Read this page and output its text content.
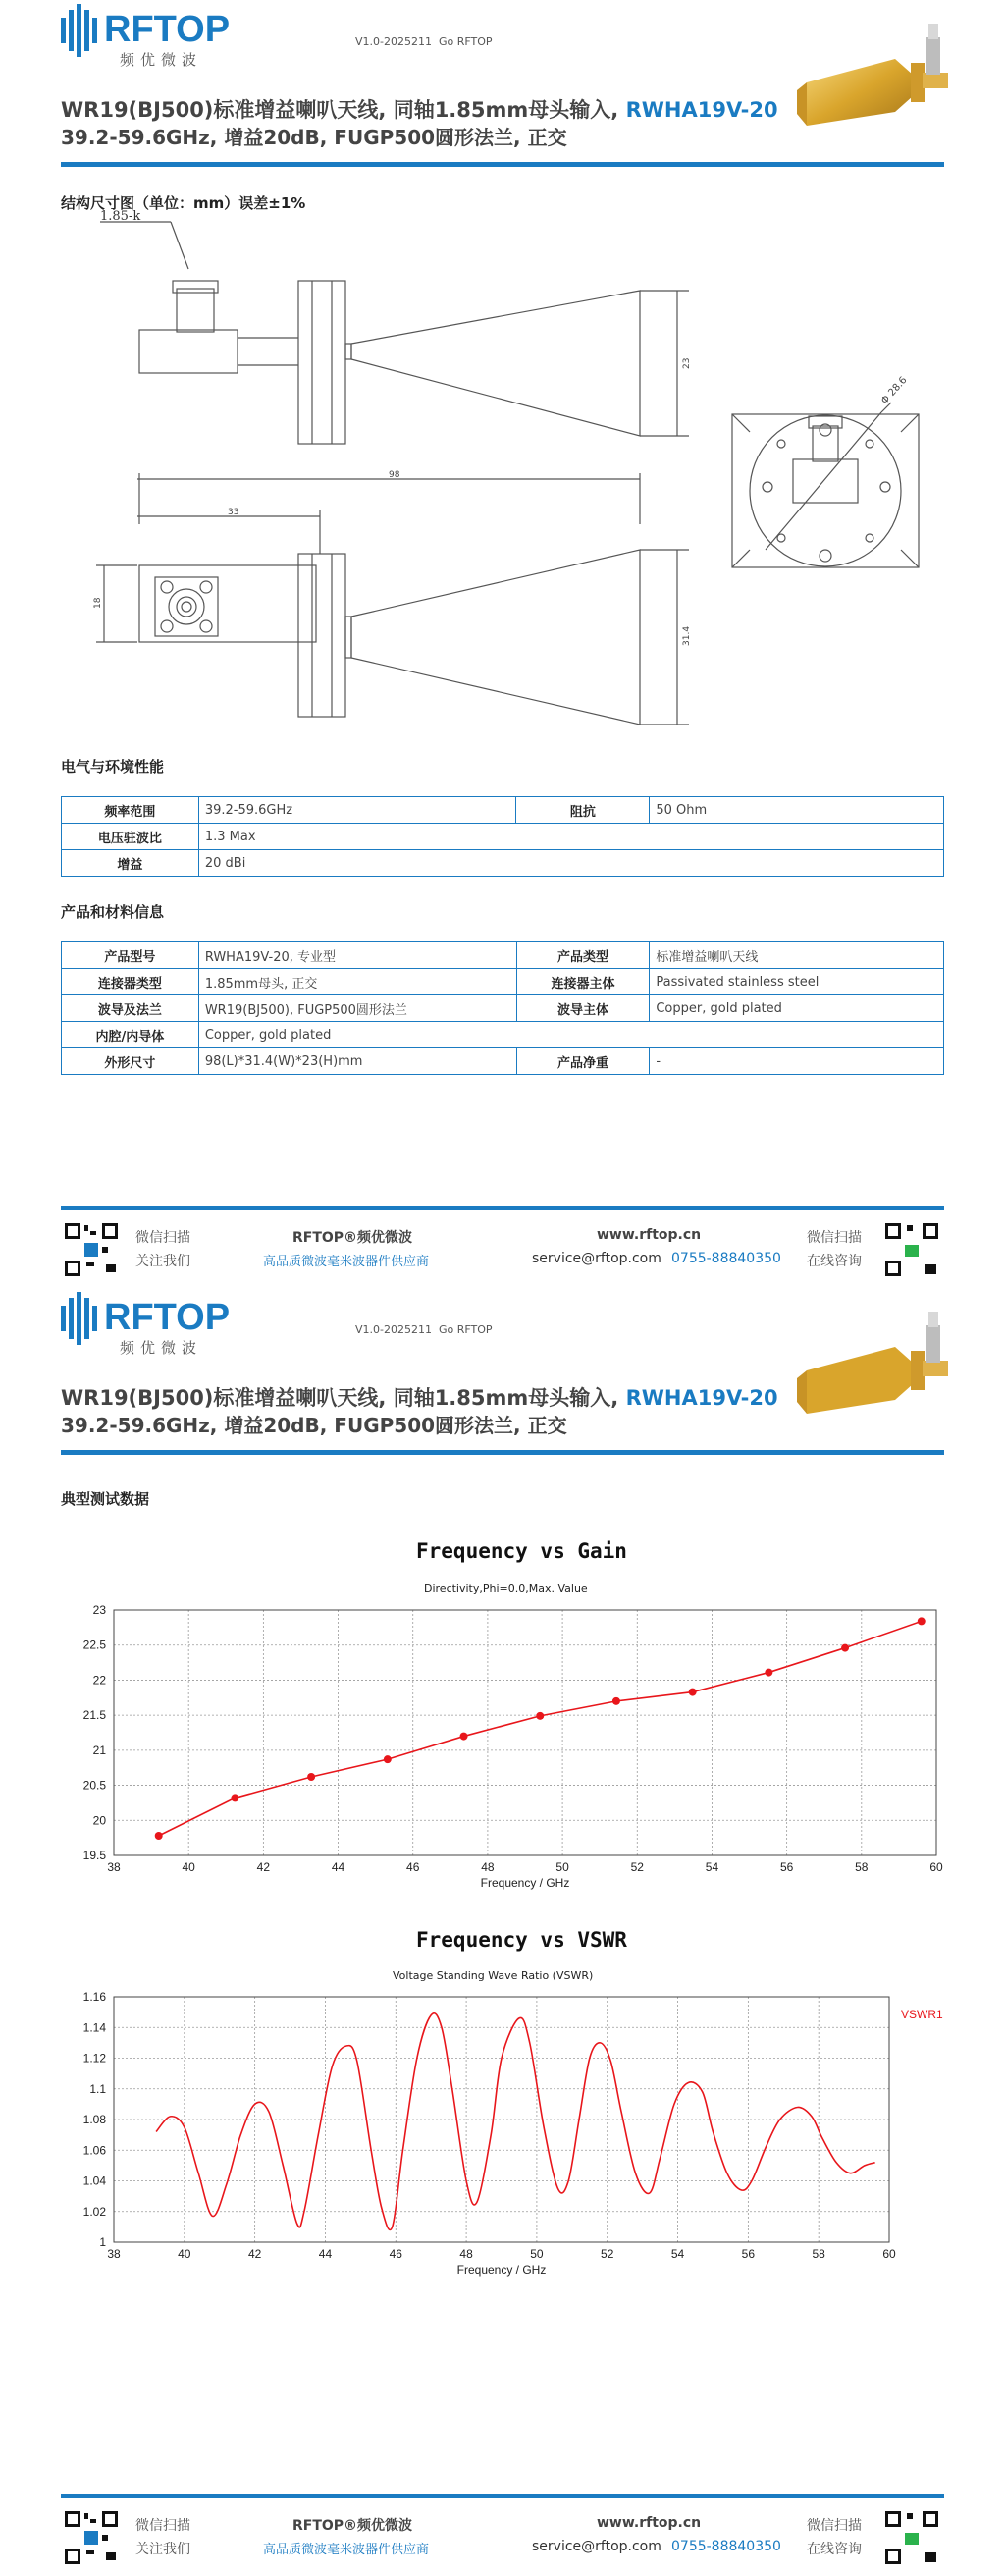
RFTOP
频优微波
V1.0-2025211 Go RFTOP
WR19(BJ500)标准增益喇叭天线, 同轴1.85mm母头输入, RWHA19V-20
39.2-59.6GHz, 增益20dB, FUGP500圆形法兰, 正交
结构尺寸图（单位：mm）误差±1%
1.85-k
98
33
23
31.4
18
Φ 28.6
电气与环境性能
频率范围	39.2-59.6GHz	阻抗	50 Ohm
电压驻波比	1.3 Max		
增益	20 dBi		
产品和材料信息
产品型号	RWHA19V-20, 专业型	产品类型	标准增益喇叭天线
连接器类型	1.85mm母头, 正交	连接器主体	Passivated stainless steel
波导及法兰	WR19(BJ500), FUGP500圆形法兰	波导主体	Copper, gold plated
内腔/内导体	Copper, gold plated		
外形尺寸	98(L)*31.4(W)*23(H)mm	产品净重	-
微信扫描
关注我们
RFTOP®频优微波
高品质微波毫米波器件供应商
www.rftop.cn
service@rftop.com 0755-88840350
微信扫描
在线咨询
RFTOP
频优微波
V1.0-2025211 Go RFTOP
WR19(BJ500)标准增益喇叭天线, 同轴1.85mm母头输入, RWHA19V-20
39.2-59.6GHz, 增益20dB, FUGP500圆形法兰, 正交
典型测试数据
Frequency vs Gain
Directivity,Phi=0.0,Max. Value
38	40	42	44	46	48	50	52	54	56	58	60
19.5
20
20.5
21
21.5
22
22.5
23
Frequency / GHz
Frequency vs VSWR
Voltage Standing Wave Ratio (VSWR)
38	40	42	44	46	48	50	52	54	56	58	60
1
1.02
1.04
1.06
1.08
1.1
1.12
1.14
1.16
Frequency / GHz
VSWR1
微信扫描
关注我们
RFTOP®频优微波
高品质微波毫米波器件供应商
www.rftop.cn
service@rftop.com 0755-88840350
微信扫描
在线咨询
